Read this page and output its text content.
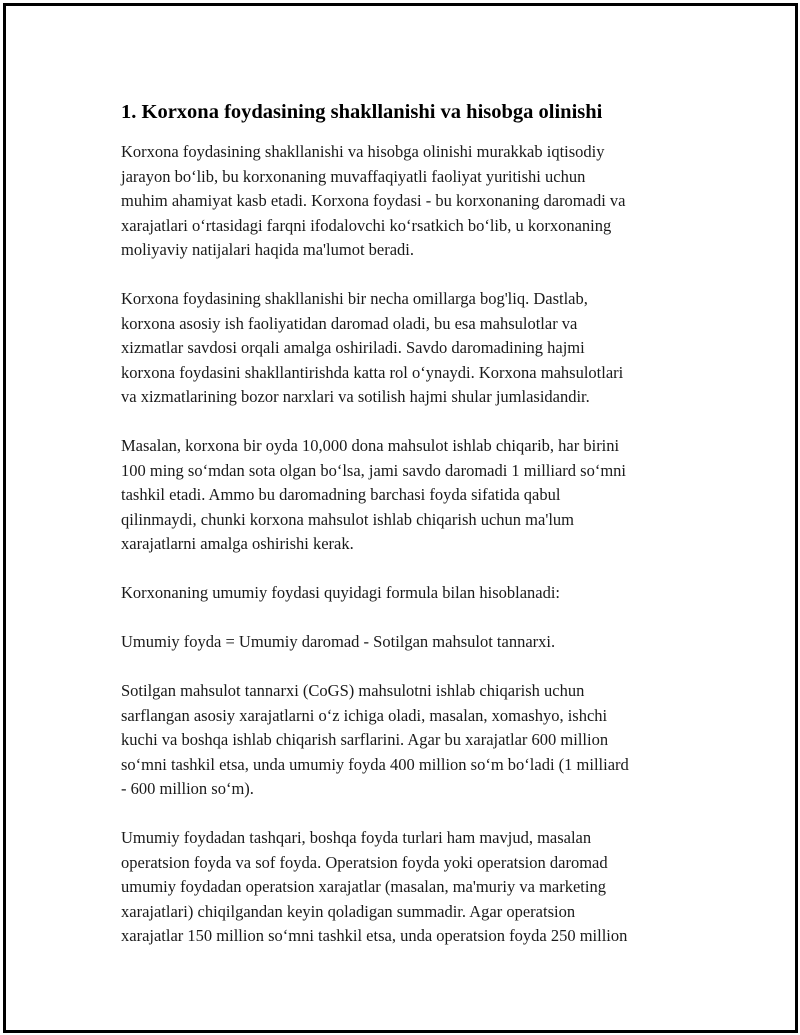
1. Korxona foydasining shakllanishi va hisobga olinishi
Korxona foydasining shakllanishi va hisobga olinishi murakkab iqtisodiy
jarayon bo‘lib, bu korxonaning muvaffaqiyatli faoliyat yuritishi uchun
muhim ahamiyat kasb etadi. Korxona foydasi - bu korxonaning daromadi va
xarajatlari o‘rtasidagi farqni ifodalovchi ko‘rsatkich bo‘lib, u korxonaning
moliyaviy natijalari haqida ma'lumot beradi.
Korxona foydasining shakllanishi bir necha omillarga bog'liq. Dastlab,
korxona asosiy ish faoliyatidan daromad oladi, bu esa mahsulotlar va
xizmatlar savdosi orqali amalga oshiriladi. Savdo daromadining hajmi
korxona foydasini shakllantirishda katta rol o‘ynaydi. Korxona mahsulotlari
va xizmatlarining bozor narxlari va sotilish hajmi shular jumlasidandir.
Masalan, korxona bir oyda 10,000 dona mahsulot ishlab chiqarib, har birini
100 ming so‘mdan sota olgan bo‘lsa, jami savdo daromadi 1 milliard so‘mni
tashkil etadi. Ammo bu daromadning barchasi foyda sifatida qabul
qilinmaydi, chunki korxona mahsulot ishlab chiqarish uchun ma'lum
xarajatlarni amalga oshirishi kerak.
Korxonaning umumiy foydasi quyidagi formula bilan hisoblanadi:
Umumiy foyda = Umumiy daromad - Sotilgan mahsulot tannarxi.
Sotilgan mahsulot tannarxi (CoGS) mahsulotni ishlab chiqarish uchun
sarflangan asosiy xarajatlarni o‘z ichiga oladi, masalan, xomashyo, ishchi
kuchi va boshqa ishlab chiqarish sarflarini. Agar bu xarajatlar 600 million
so‘mni tashkil etsa, unda umumiy foyda 400 million so‘m bo‘ladi (1 milliard
- 600 million so‘m).
Umumiy foydadan tashqari, boshqa foyda turlari ham mavjud, masalan
operatsion foyda va sof foyda. Operatsion foyda yoki operatsion daromad
umumiy foydadan operatsion xarajatlar (masalan, ma'muriy va marketing
xarajatlari) chiqilgandan keyin qoladigan summadir. Agar operatsion
xarajatlar 150 million so‘mni tashkil etsa, unda operatsion foyda 250 million
